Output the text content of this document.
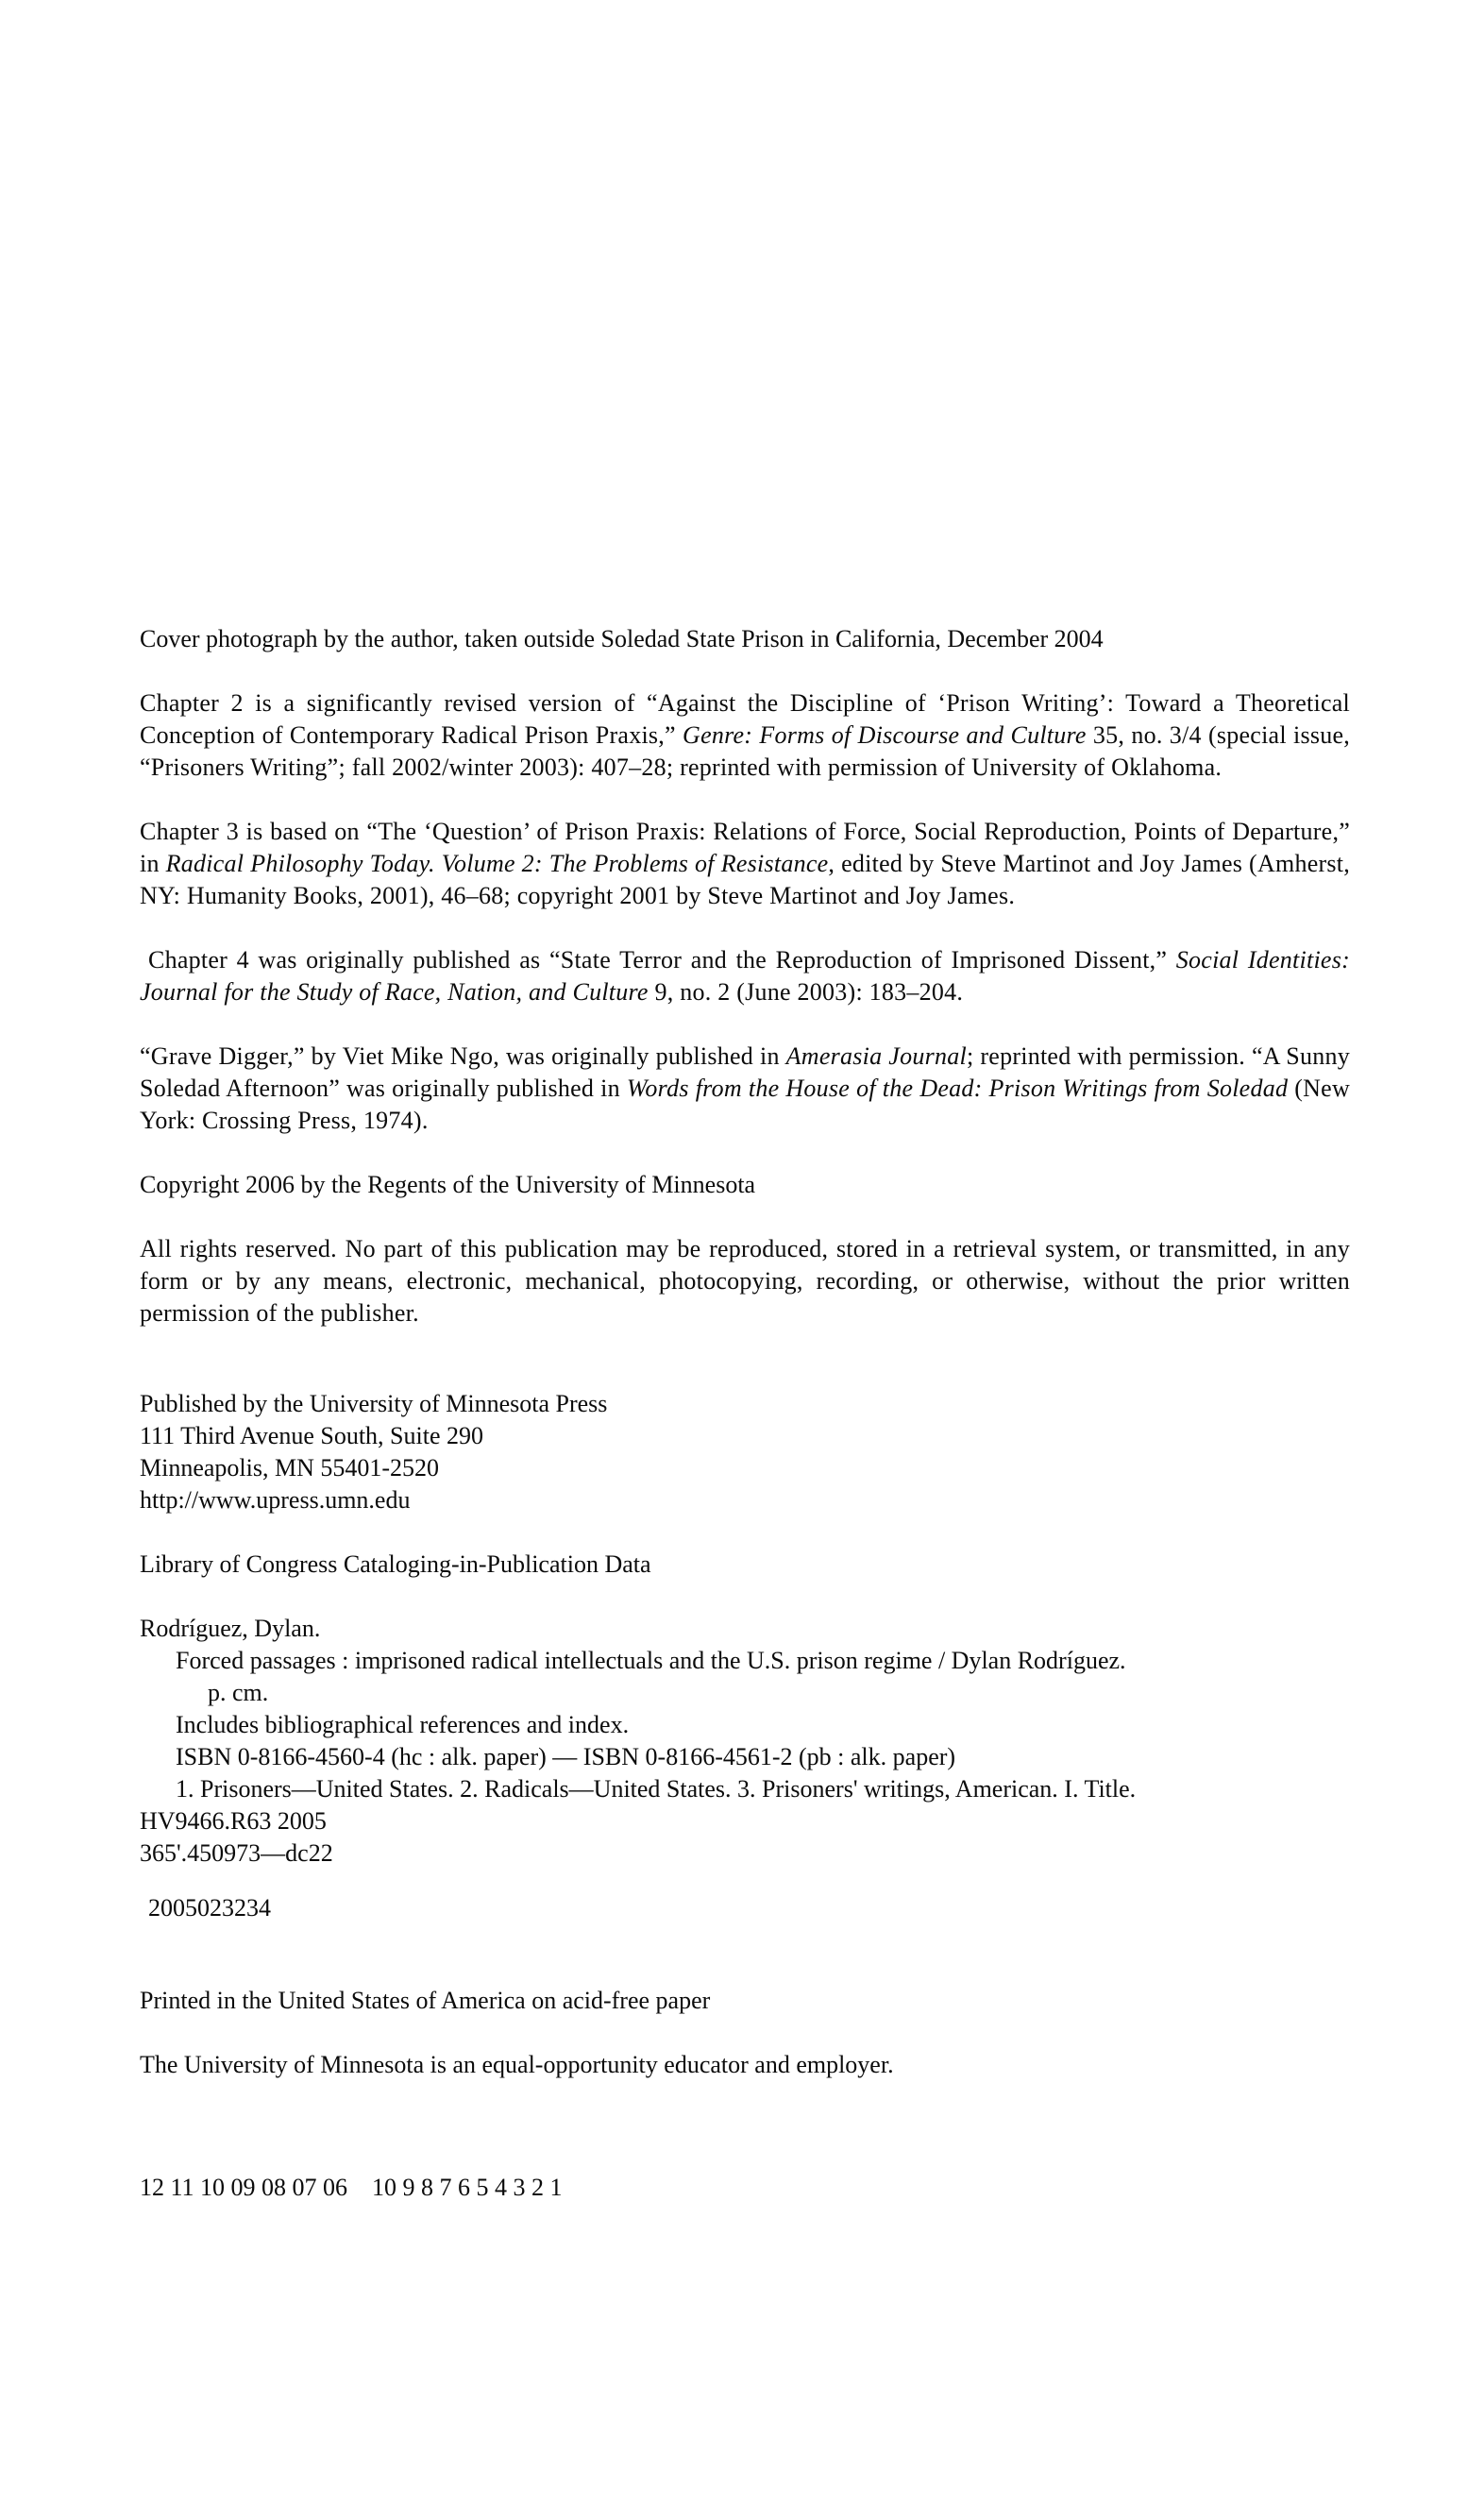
Cover photograph by the author, taken outside Soledad State Prison in California, December 2004

Chapter 2 is a significantly revised version of “Against the Discipline of ‘Prison Writing’: Toward a Theoretical Conception of Contemporary Radical Prison Praxis,” Genre: Forms of Discourse and Culture 35, no. 3/4 (special issue, “Prisoners Writing”; fall 2002/winter 2003): 407–28; reprinted with permission of University of Oklahoma.

Chapter 3 is based on “The ‘Question’ of Prison Praxis: Relations of Force, Social Reproduction, Points of Departure,” in Radical Philosophy Today. Volume 2: The Problems of Resistance, edited by Steve Martinot and Joy James (Amherst, NY: Humanity Books, 2001), 46–68; copyright 2001 by Steve Martinot and Joy James.

Chapter 4 was originally published as “State Terror and the Reproduction of Imprisoned Dissent,” Social Identities: Journal for the Study of Race, Nation, and Culture 9, no. 2 (June 2003): 183–204.

“Grave Digger,” by Viet Mike Ngo, was originally published in Amerasia Journal; reprinted with permission. “A Sunny Soledad Afternoon” was originally published in Words from the House of the Dead: Prison Writings from Soledad (New York: Crossing Press, 1974).

Copyright 2006 by the Regents of the University of Minnesota

All rights reserved. No part of this publication may be reproduced, stored in a retrieval system, or transmitted, in any form or by any means, electronic, mechanical, photocopying, recording, or otherwise, without the prior written permission of the publisher.

Published by the University of Minnesota Press
111 Third Avenue South, Suite 290
Minneapolis, MN 55401-2520
http://www.upress.umn.edu

Library of Congress Cataloging-in-Publication Data

Rodríguez, Dylan.
Forced passages : imprisoned radical intellectuals and the U.S. prison regime / Dylan Rodríguez.
p. cm.
Includes bibliographical references and index.
ISBN 0-8166-4560-4 (hc : alk. paper) — ISBN 0-8166-4561-2 (pb : alk. paper)
1. Prisoners—United States. 2. Radicals—United States. 3. Prisoners' writings, American. I. Title.
HV9466.R63 2005
365'.450973—dc22

2005023234

Printed in the United States of America on acid-free paper

The University of Minnesota is an equal-opportunity educator and employer.

12 11 10 09 08 07 06    10 9 8 7 6 5 4 3 2 1
